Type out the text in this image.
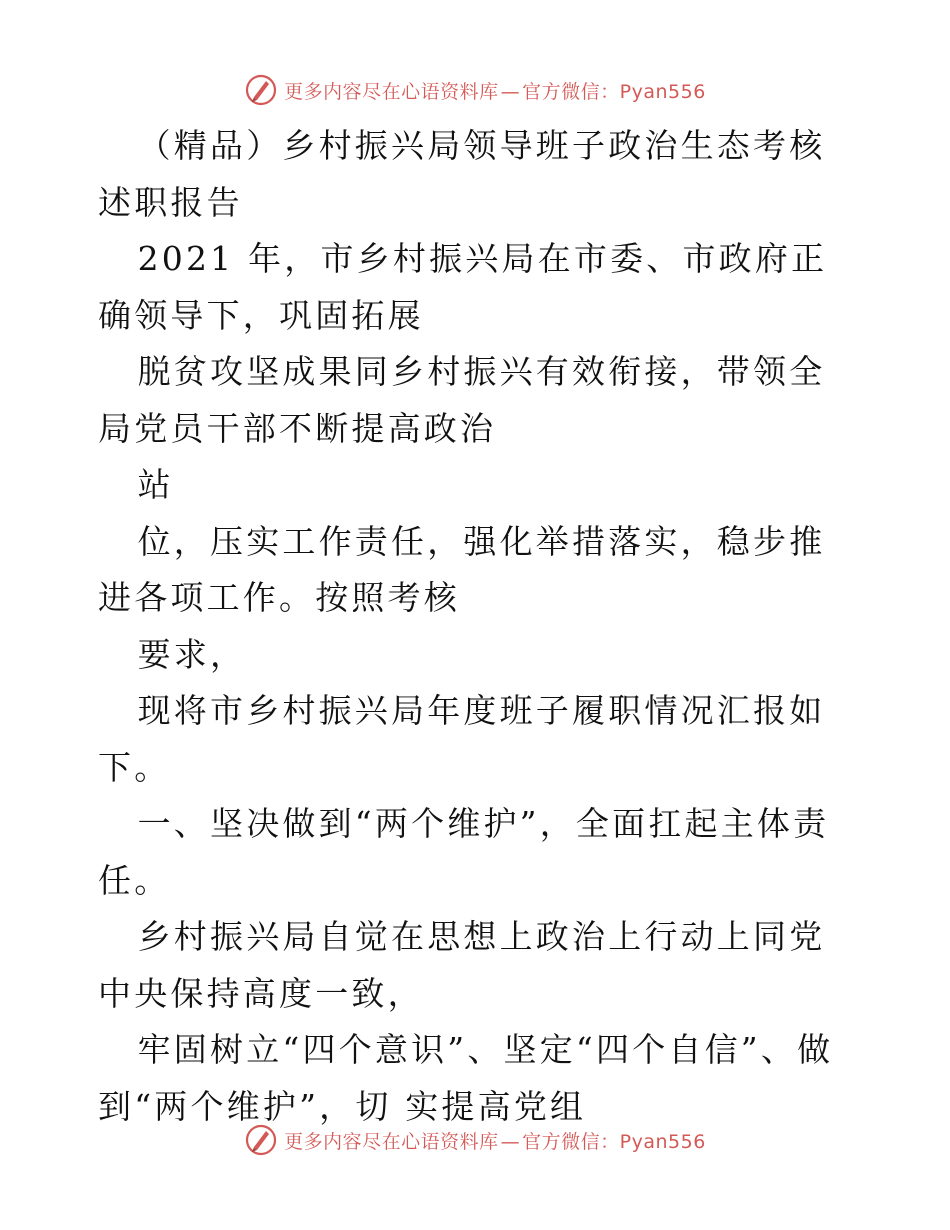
更多内容尽在心语资料库 — 官方微信：Pyan556

（精品）乡村振兴局领导班子政治生态考核述职报告

2021 年，市乡村振兴局在市委、市政府正确领导下，巩固拓展

脱贫攻坚成果同乡村振兴有效衔接，带领全局党员干部不断提高政治

站

位，压实工作责任，强化举措落实，稳步推进各项工作。按照考核

要求，

现将市乡村振兴局年度班子履职情况汇报如下。

一、坚决做到“两个维护”，全面扛起主体责任。

乡村振兴局自觉在思想上政治上行动上同党中央保持高度一致，

牢固树立“四个意识”、坚定“四个自信”、做到“两个维护”，切 实提高党组

更多内容尽在心语资料库 — 官方微信：Pyan556
